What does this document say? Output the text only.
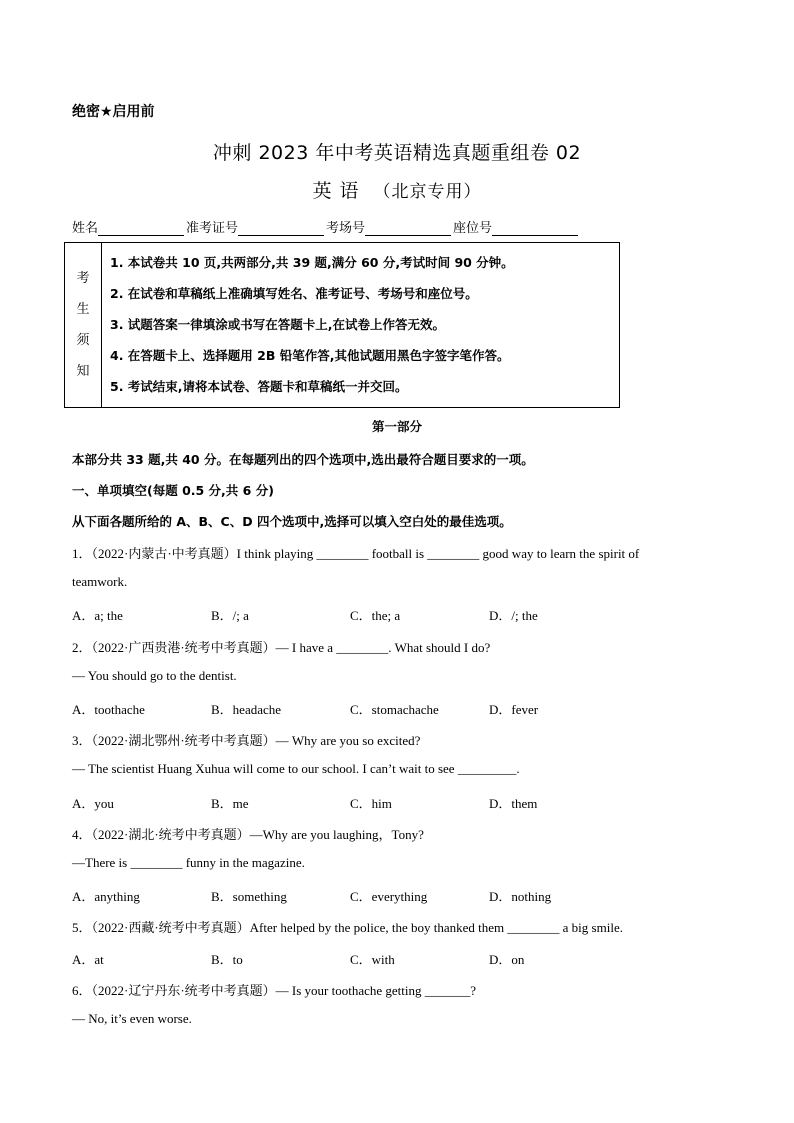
绝密★启用前
冲刺 2023 年中考英语精选真题重组卷 02
英 语 （北京专用）
姓名	准考证号	考场号	座位号
考
生
须
知
1. 本试卷共 10 页,共两部分,共 39 题,满分 60 分,考试时间 90 分钟。
2. 在试卷和草稿纸上准确填写姓名、准考证号、考场号和座位号。
3. 试题答案一律填涂或书写在答题卡上,在试卷上作答无效。
4. 在答题卡上、选择题用 2B 铅笔作答,其他试题用黑色字签字笔作答。
5. 考试结束,请将本试卷、答题卡和草稿纸一并交回。
第一部分
本部分共 33 题,共 40 分。在每题列出的四个选项中,选出最符合题目要求的一项。
一、单项填空(每题 0.5 分,共 6 分)
从下面各题所给的 A、B、C、D 四个选项中,选择可以填入空白处的最佳选项。
1．（2022·内蒙古·中考真题）I think playing ________ football is ________ good way to learn the spirit of
teamwork.
A．a; the	B．/; a	C．the; a	D．/; the
2．（2022·广西贵港·统考中考真题）— I have a ________. What should I do?
— You should go to the dentist.
A．toothache	B．headache	C．stomachache	D．fever
3．（2022·湖北鄂州·统考中考真题）— Why are you so excited?
— The scientist Huang Xuhua will come to our school. I can’t wait to see _________.
A．you	B．me	C．him	D．them
4．（2022·湖北·统考中考真题）—Why are you laughing，Tony?
—There is ________ funny in the magazine.
A．anything	B．something	C．everything	D．nothing
5．（2022·西藏·统考中考真题）After helped by the police, the boy thanked them ________ a big smile.
A．at	B．to	C．with	D．on
6．（2022·辽宁丹东·统考中考真题）— Is your toothache getting _______?
— No, it’s even worse.
